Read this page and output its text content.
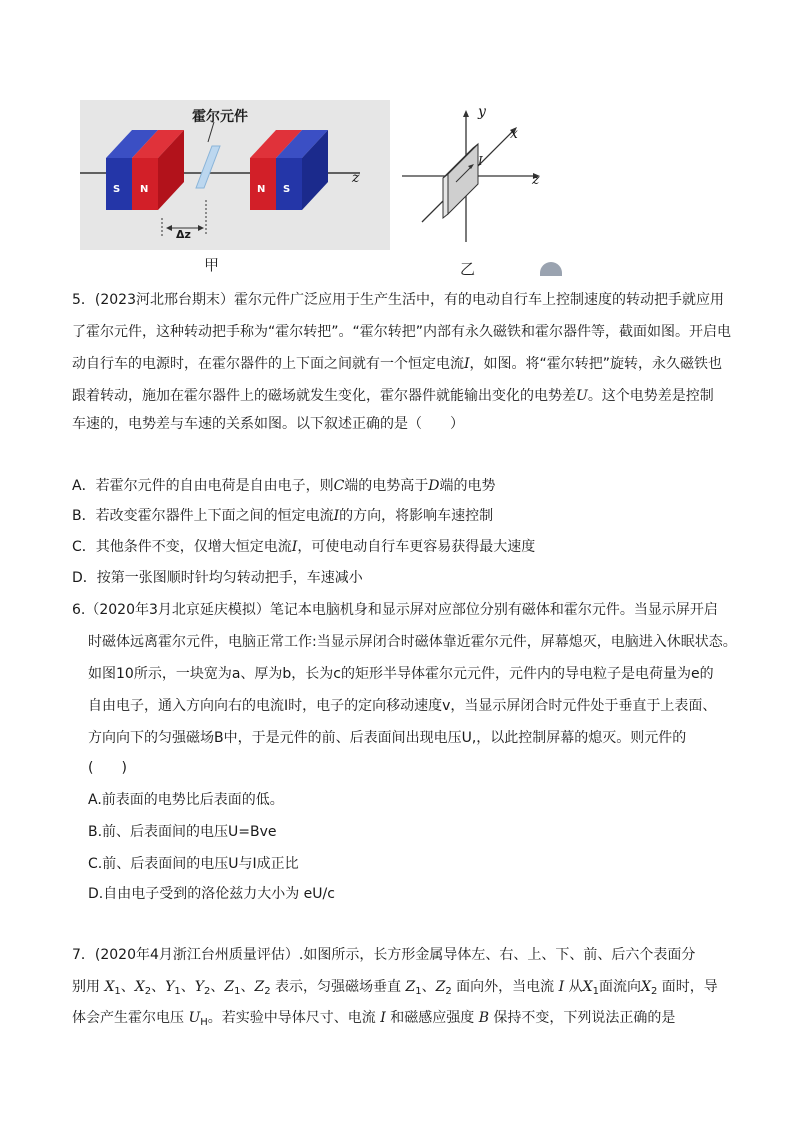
霍尔元件
S N	N S
z
Δz
甲
y
x
z
I
乙
5．(2023河北邢台期末）霍尔元件广泛应用于生产生活中，有的电动自行车上控制速度的转动把手就应用
了霍尔元件，这种转动把手称为“霍尔转把”。“霍尔转把”内部有永久磁铁和霍尔器件等，截面如图。开启电
动自行车的电源时，在霍尔器件的上下面之间就有一个恒定电流I，如图。将“霍尔转把”旋转，永久磁铁也
跟着转动，施加在霍尔器件上的磁场就发生变化，霍尔器件就能输出变化的电势差U。这个电势差是控制
车速的，电势差与车速的关系如图。以下叙述正确的是（　　）
A．若霍尔元件的自由电荷是自由电子，则C端的电势高于D端的电势
B．若改变霍尔器件上下面之间的恒定电流I的方向，将影响车速控制
C．其他条件不变，仅增大恒定电流I，可使电动自行车更容易获得最大速度
D．按第一张图顺时针均匀转动把手，车速减小
6.（2020年3月北京延庆模拟）笔记本电脑机身和显示屏对应部位分别有磁体和霍尔元件。当显示屏开启
时磁体远离霍尔元件，电脑正常工作:当显示屏闭合时磁体靠近霍尔元件，屏幕熄灭，电脑进入休眠状态。
如图10所示，一块宽为a、厚为b，长为c的矩形半导体霍尔元元件，元件内的导电粒子是电荷量为e的
自由电子，通入方向向右的电流I时，电子的定向移动速度v，当显示屏闭合时元件处于垂直于上表面、
方向向下的匀强磁场B中，于是元件的前、后表面间出现电压U,，以此控制屏幕的熄灭。则元件的
(　　)
A.前表面的电势比后表面的低。
B.前、后表面间的电压U=Bve
C.前、后表面间的电压U与I成正比
D.自由电子受到的洛伦兹力大小为 eU/c
7．(2020年4月浙江台州质量评估）.如图所示，长方形金属导体左、右、上、下、前、后六个表面分
别用 $X_1$、$X_2$、$Y_1$、$Y_2$、$Z_1$、$Z_2$ 表示，匀强磁场垂直 $Z_1$、$Z_2$ 面向外，当电流 I 从$X_1$面流向$X_2$ 面时，导
体会产生霍尔电压 $U_H$。若实验中导体尺寸、电流 I 和磁感应强度 B 保持不变，下列说法正确的是
